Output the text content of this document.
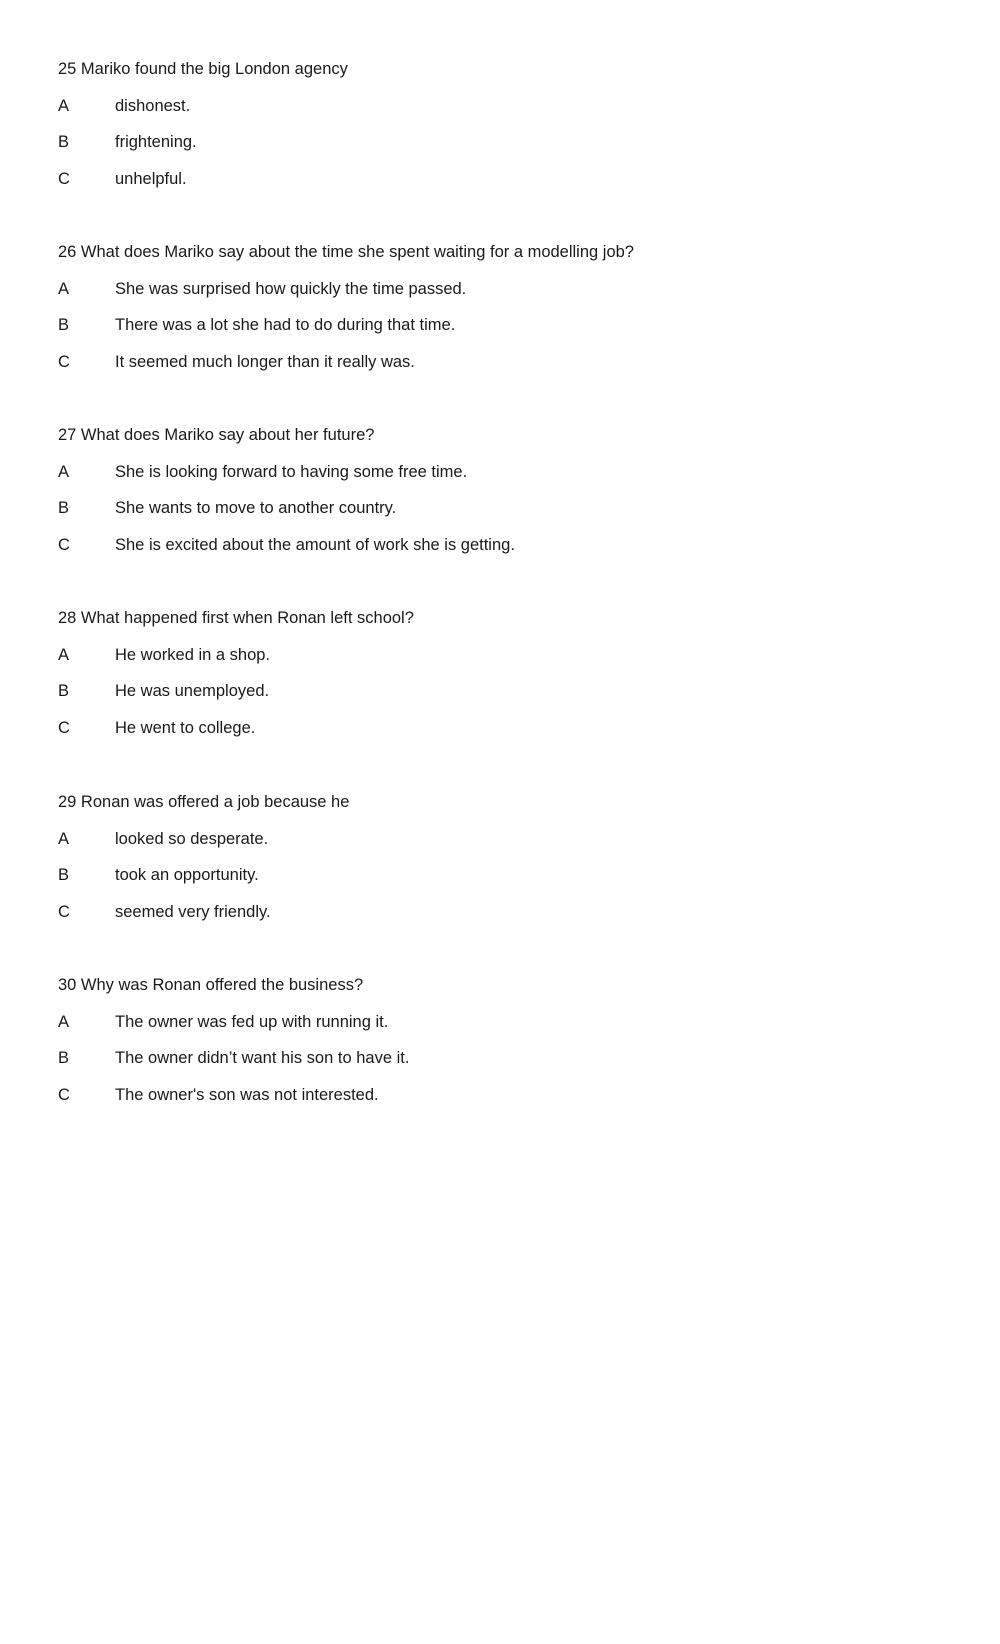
25 Mariko found the big London agency
A	dishonest.
B	frightening.
C	unhelpful.
26 What does Mariko say about the time she spent waiting for a modelling job?
A	She was surprised how quickly the time passed.
B	There was a lot she had to do during that time.
C	It seemed much longer than it really was.
27 What does Mariko say about her future?
A	She is looking forward to having some free time.
B	She wants to move to another country.
C	She is excited about the amount of work she is getting.
28 What happened first when Ronan left school?
A	He worked in a shop.
B	He was unemployed.
C	He went to college.
29 Ronan was offered a job because he
A	looked so desperate.
B	took an opportunity.
C	seemed very friendly.
30 Why was Ronan offered the business?
A	The owner was fed up with running it.
B	The owner didn’t want his son to have it.
C	The owner's son was not interested.
